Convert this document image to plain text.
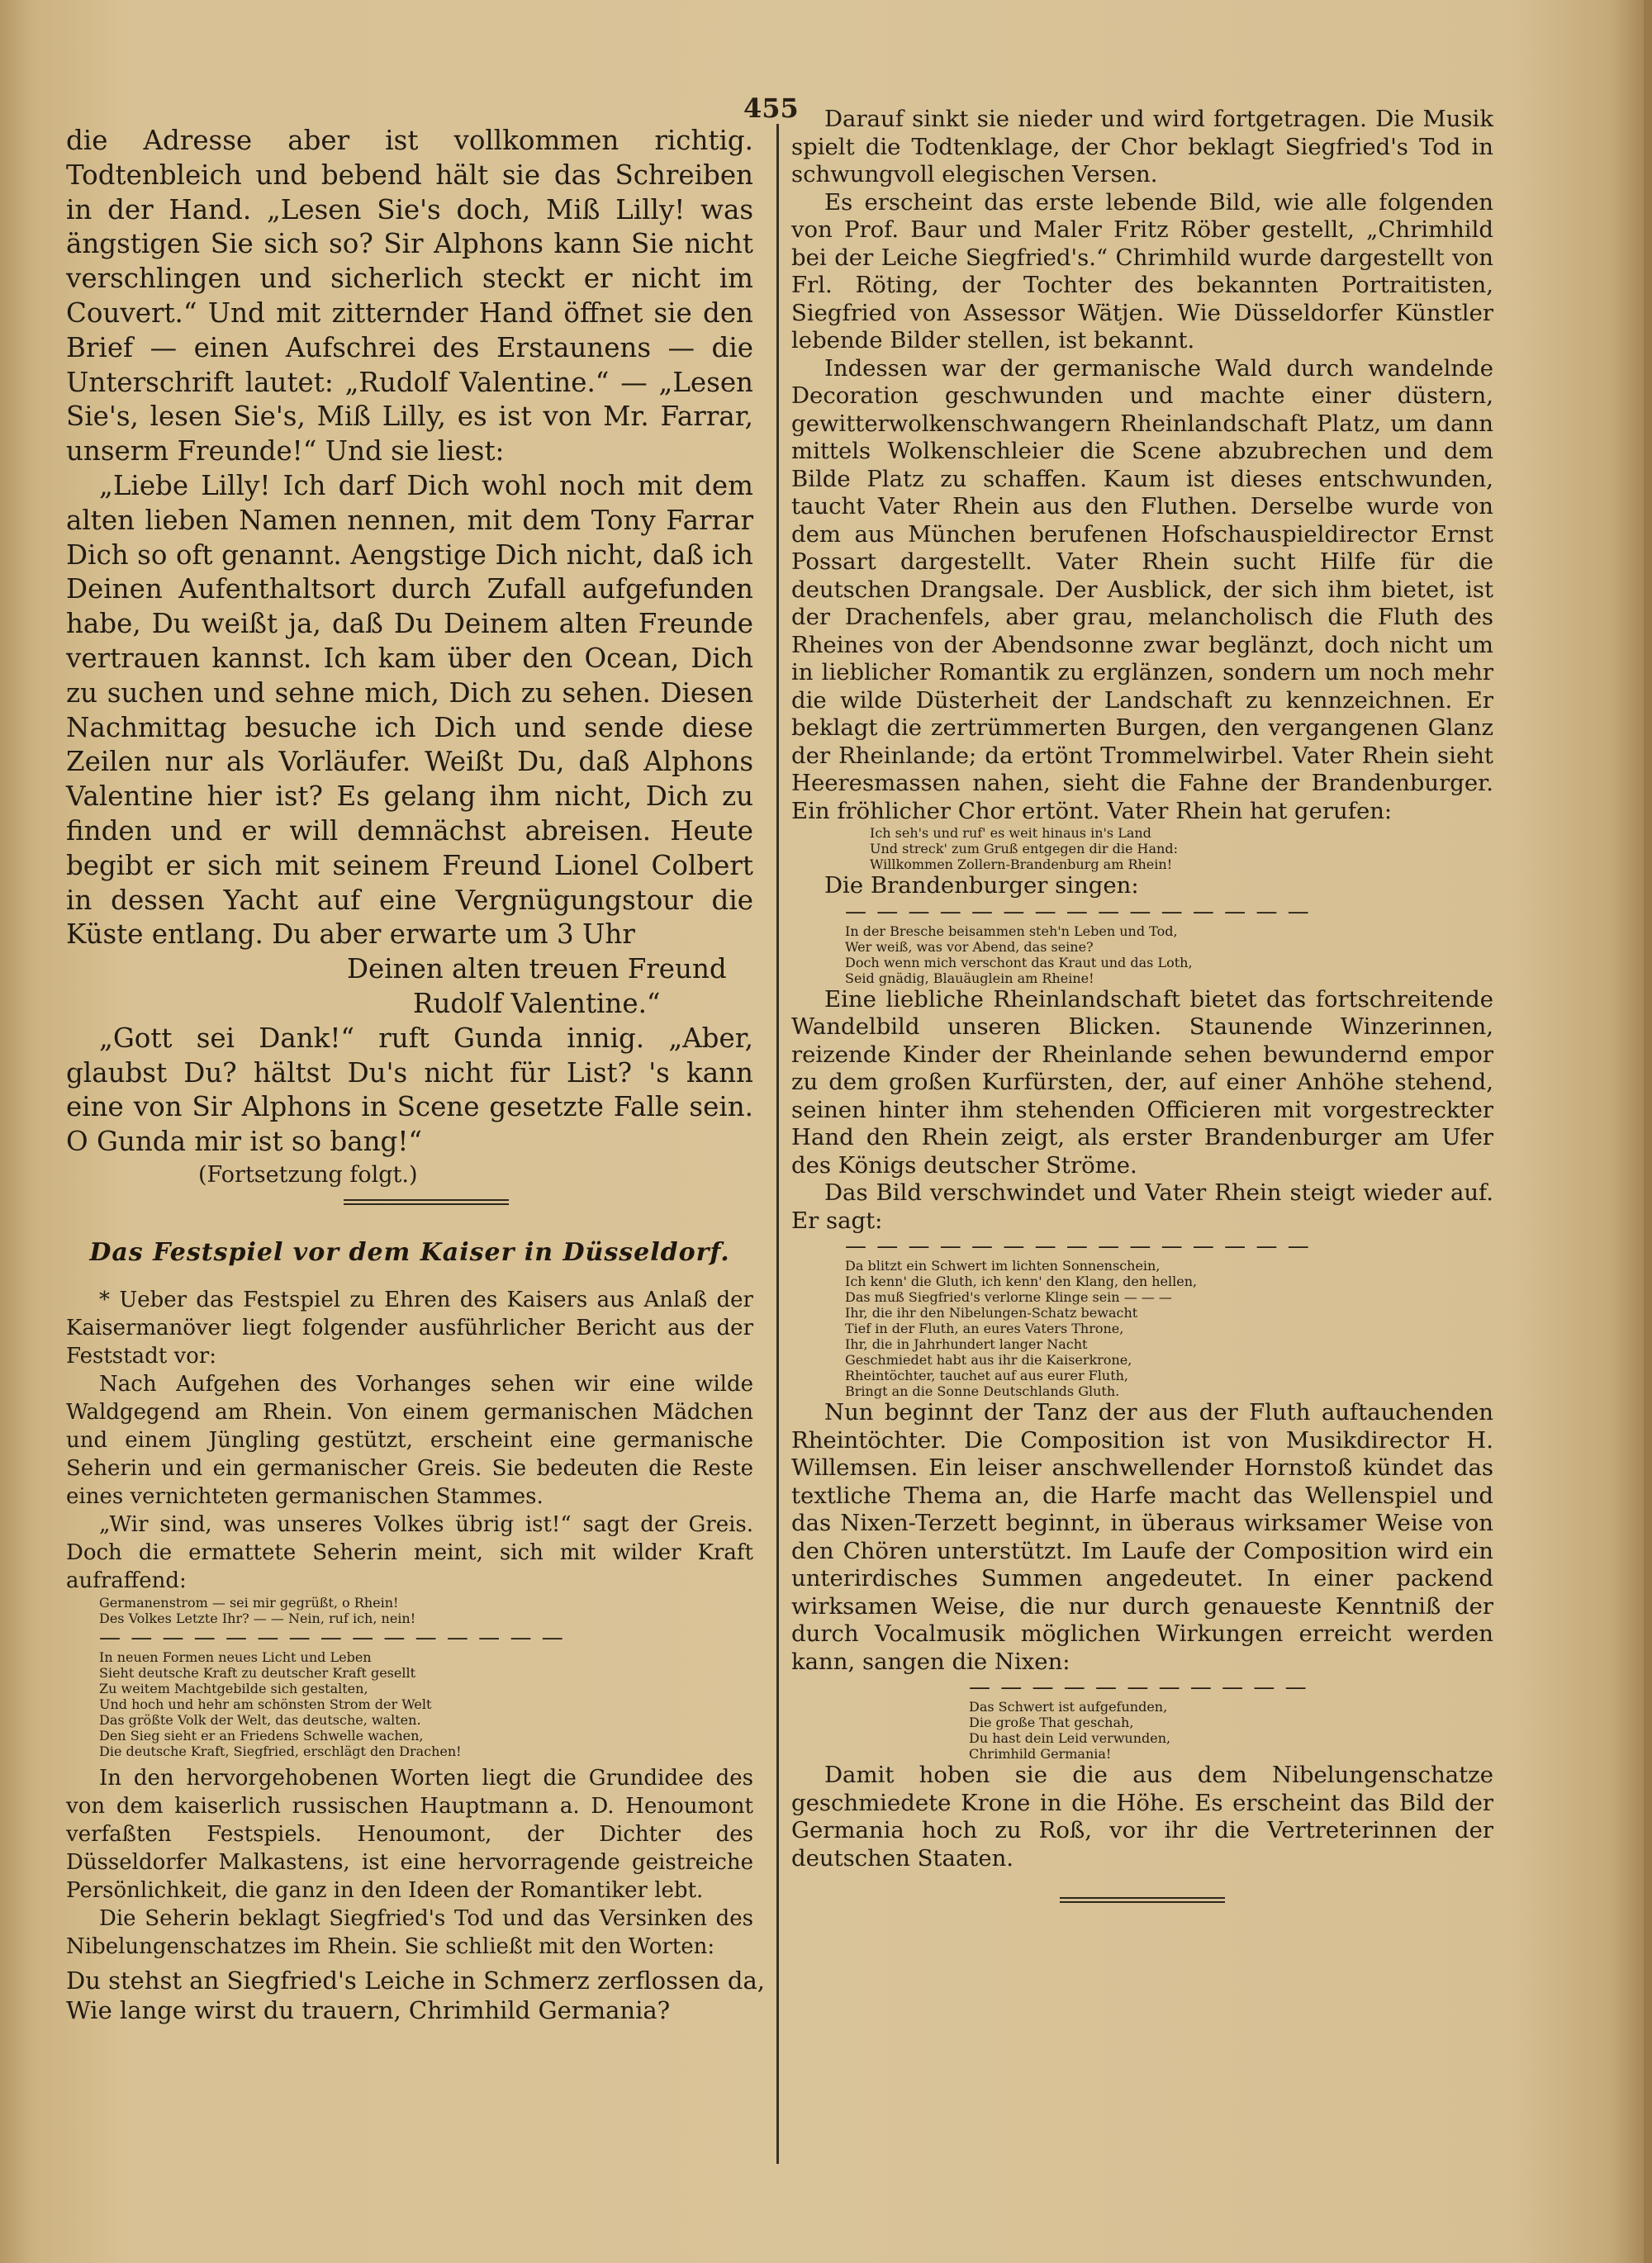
455

die Adresse aber ist vollkommen richtig. Todtenbleich und bebend hält sie das Schreiben in der Hand. „Lesen Sie's doch, Miß Lilly! was ängstigen Sie sich so? Sir Alphons kann Sie nicht verschlingen und sicherlich steckt er nicht im Couvert.“ Und mit zitternder Hand öffnet sie den Brief — einen Aufschrei des Erstaunens — die Unterschrift lautet: „Rudolf Valentine.“ — „Lesen Sie's, lesen Sie's, Miß Lilly, es ist von Mr. Farrar, unserm Freunde!“ Und sie liest:

„Liebe Lilly! Ich darf Dich wohl noch mit dem alten lieben Namen nennen, mit dem Tony Farrar Dich so oft genannt. Aengstige Dich nicht, daß ich Deinen Aufenthaltsort durch Zufall aufgefunden habe, Du weißt ja, daß Du Deinem alten Freunde vertrauen kannst. Ich kam über den Ocean, Dich zu suchen und sehne mich, Dich zu sehen. Diesen Nachmittag besuche ich Dich und sende diese Zeilen nur als Vorläufer. Weißt Du, daß Alphons Valentine hier ist? Es gelang ihm nicht, Dich zu finden und er will demnächst abreisen. Heute begibt er sich mit seinem Freund Lionel Colbert in dessen Yacht auf eine Vergnügungstour die Küste entlang. Du aber erwarte um 3 Uhr

Deinen alten treuen Freund
Rudolf Valentine.“

„Gott sei Dank!“ ruft Gunda innig. „Aber, glaubst Du? hältst Du's nicht für List? 's kann eine von Sir Alphons in Scene gesetzte Falle sein. O Gunda mir ist so bang!“

(Fortsetzung folgt.)

Das Festspiel vor dem Kaiser in Düsseldorf.

* Ueber das Festspiel zu Ehren des Kaisers aus Anlaß der Kaisermanöver liegt folgender ausführlicher Bericht aus der Feststadt vor:

Nach Aufgehen des Vorhanges sehen wir eine wilde Waldgegend am Rhein. Von einem germanischen Mädchen und einem Jüngling gestützt, erscheint eine germanische Seherin und ein germanischer Greis. Sie bedeuten die Reste eines vernichteten germanischen Stammes.

„Wir sind, was unseres Volkes übrig ist!“ sagt der Greis. Doch die ermattete Seherin meint, sich mit wilder Kraft aufraffend:

Germanenstrom — sei mir gegrüßt, o Rhein!
Des Volkes Letzte Ihr? — — Nein, ruf ich, nein!
— — — — — — — — — — — — — — —
In neuen Formen neues Licht und Leben
Sieht deutsche Kraft zu deutscher Kraft gesellt
Zu weitem Machtgebilde sich gestalten,
Und hoch und hehr am schönsten Strom der Welt
Das größte Volk der Welt, das deutsche, walten.
Den Sieg sieht er an Friedens Schwelle wachen,
Die deutsche Kraft, Siegfried, erschlägt den Drachen!

In den hervorgehobenen Worten liegt die Grundidee des von dem kaiserlich russischen Hauptmann a. D. Henoumont verfaßten Festspiels. Henoumont, der Dichter des Düsseldorfer Malkastens, ist eine hervorragende geistreiche Persönlichkeit, die ganz in den Ideen der Romantiker lebt.

Die Seherin beklagt Siegfried's Tod und das Versinken des Nibelungenschatzes im Rhein. Sie schließt mit den Worten:

Du stehst an Siegfried's Leiche in Schmerz zerflossen da,
Wie lange wirst du trauern, Chrimhild Germania?

Darauf sinkt sie nieder und wird fortgetragen. Die Musik spielt die Todtenklage, der Chor beklagt Siegfried's Tod in schwungvoll elegischen Versen.

Es erscheint das erste lebende Bild, wie alle folgenden von Prof. Baur und Maler Fritz Röber gestellt, „Chrimhild bei der Leiche Siegfried's.“ Chrimhild wurde dargestellt von Frl. Röting, der Tochter des bekannten Portraitisten, Siegfried von Assessor Wätjen. Wie Düsseldorfer Künstler lebende Bilder stellen, ist bekannt.

Indessen war der germanische Wald durch wandelnde Decoration geschwunden und machte einer düstern, gewitterwolkenschwangern Rheinlandschaft Platz, um dann mittels Wolkenschleier die Scene abzubrechen und dem Bilde Platz zu schaffen. Kaum ist dieses entschwunden, taucht Vater Rhein aus den Fluthen. Derselbe wurde von dem aus München berufenen Hofschauspieldirector Ernst Possart dargestellt. Vater Rhein sucht Hilfe für die deutschen Drangsale. Der Ausblick, der sich ihm bietet, ist der Drachenfels, aber grau, melancholisch die Fluth des Rheines von der Abendsonne zwar beglänzt, doch nicht um in lieblicher Romantik zu erglänzen, sondern um noch mehr die wilde Düsterheit der Landschaft zu kennzeichnen. Er beklagt die zertrümmerten Burgen, den vergangenen Glanz der Rheinlande; da ertönt Trommelwirbel. Vater Rhein sieht Heeresmassen nahen, sieht die Fahne der Brandenburger. Ein fröhlicher Chor ertönt. Vater Rhein hat gerufen:

Ich seh's und ruf' es weit hinaus in's Land
Und streck' zum Gruß entgegen dir die Hand:
Willkommen Zollern-Brandenburg am Rhein!

Die Brandenburger singen:

— — — — — — — — — — — — — — —
In der Bresche beisammen steh'n Leben und Tod,
Wer weiß, was vor Abend, das seine?
Doch wenn mich verschont das Kraut und das Loth,
Seid gnädig, Blauäuglein am Rheine!

Eine liebliche Rheinlandschaft bietet das fortschreitende Wandelbild unseren Blicken. Staunende Winzerinnen, reizende Kinder der Rheinlande sehen bewundernd empor zu dem großen Kurfürsten, der, auf einer Anhöhe stehend, seinen hinter ihm stehenden Officieren mit vorgestreckter Hand den Rhein zeigt, als erster Brandenburger am Ufer des Königs deutscher Ströme.

Das Bild verschwindet und Vater Rhein steigt wieder auf. Er sagt:

— — — — — — — — — — — — — — —
Da blitzt ein Schwert im lichten Sonnenschein,
Ich kenn' die Gluth, ich kenn' den Klang, den hellen,
Das muß Siegfried's verlorne Klinge sein — — —
Ihr, die ihr den Nibelungen-Schatz bewacht
Tief in der Fluth, an eures Vaters Throne,
Ihr, die in Jahrhundert langer Nacht
Geschmiedet habt aus ihr die Kaiserkrone,
Rheintöchter, tauchet auf aus eurer Fluth,
Bringt an die Sonne Deutschlands Gluth.

Nun beginnt der Tanz der aus der Fluth auftauchenden Rheintöchter. Die Composition ist von Musikdirector H. Willemsen. Ein leiser anschwellender Hornstoß kündet das textliche Thema an, die Harfe macht das Wellenspiel und das Nixen-Terzett beginnt, in überaus wirksamer Weise von den Chören unterstützt. Im Laufe der Composition wird ein unterirdisches Summen angedeutet. In einer packend wirksamen Weise, die nur durch genaueste Kenntniß der durch Vocalmusik möglichen Wirkungen erreicht werden kann, sangen die Nixen:

— — — — — — — — — — —
Das Schwert ist aufgefunden,
Die große That geschah,
Du hast dein Leid verwunden,
Chrimhild Germania!

Damit hoben sie die aus dem Nibelungenschatze geschmiedete Krone in die Höhe. Es erscheint das Bild der Germania hoch zu Roß, vor ihr die Vertreterinnen der deutschen Staaten.
